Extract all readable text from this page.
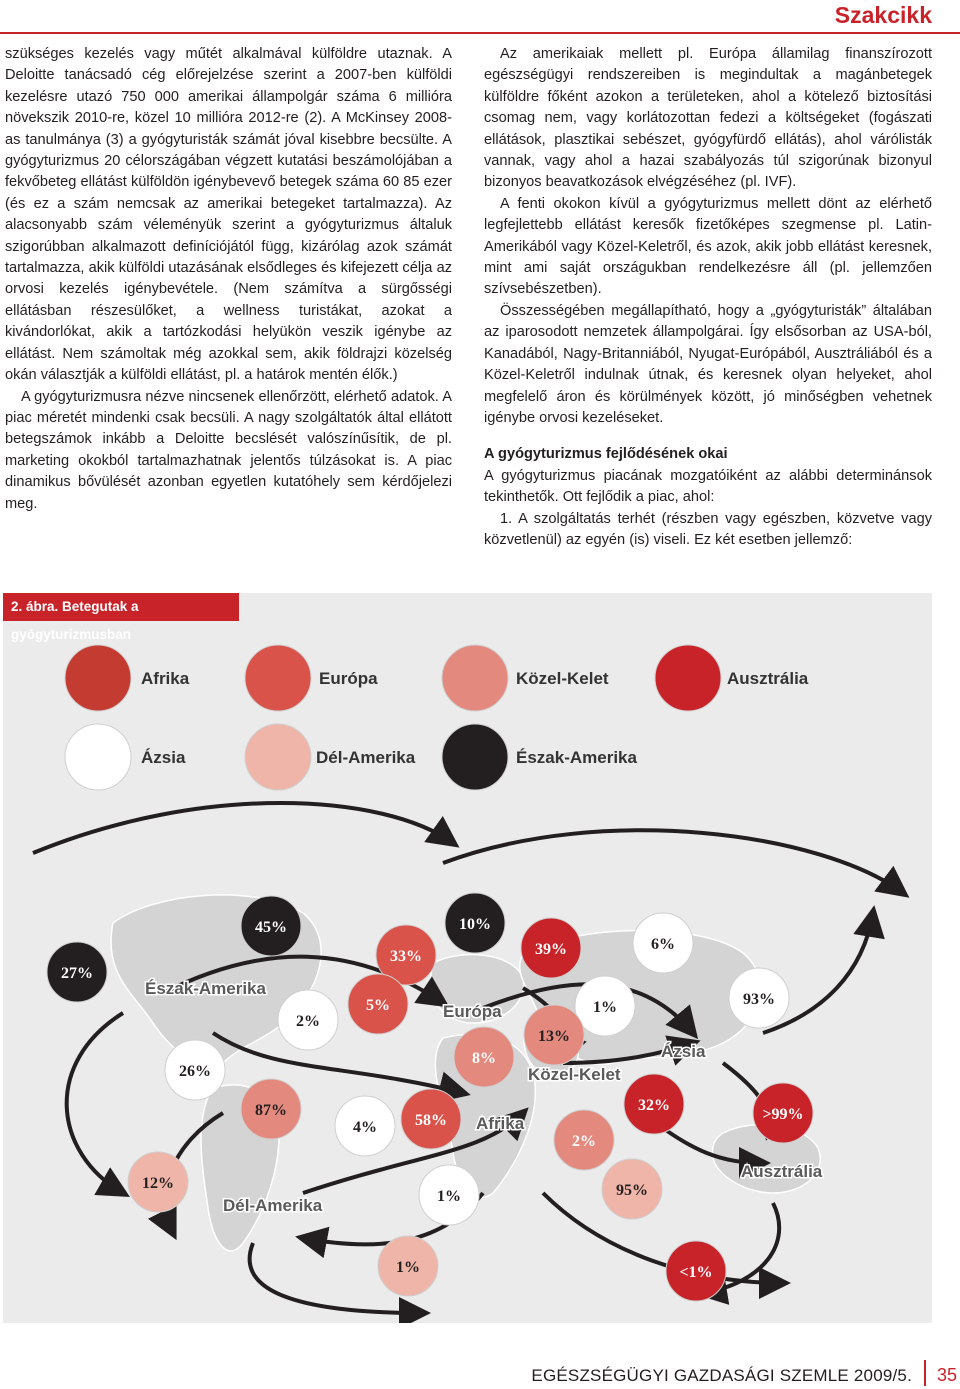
Szakcikk

szükséges kezelés vagy műtét alkalmával külföldre utaznak. A Deloitte tanácsadó cég előrejelzése szerint a 2007-ben külföldi kezelésre utazó 750 000 amerikai állampolgár száma 6 millióra növekszik 2010-re, közel 10 millióra 2012-re (2). A McKinsey 2008-as tanulmánya (3) a gyógyturisták számát jóval kisebbre becsülte. A gyógyturizmus 20 célországában végzett kutatási beszámolójában a fekvőbeteg ellátást külföldön igénybevevő betegek száma 60 85 ezer (és ez a szám nemcsak az amerikai betegeket tartalmazza). Az alacsonyabb szám véleményük szerint a gyógyturizmus általuk szigorúbban alkalmazott definíciójától függ, kizárólag azok számát tartalmazza, akik külföldi utazásának elsődleges és kifejezett célja az orvosi kezelés igénybevétele. (Nem számítva a sürgősségi ellátásban részesülőket, a wellness turistákat, azokat a kivándorlókat, akik a tartózkodási helyükön veszik igénybe az ellátást. Nem számoltak még azokkal sem, akik földrajzi közelség okán választják a külföldi ellátást, pl. a határok mentén élők.)

A gyógyturizmusra nézve nincsenek ellenőrzött, elérhető adatok. A piac méretét mindenki csak becsüli. A nagy szolgáltatók által ellátott betegszámok inkább a Deloitte becslését valószínűsítik, de pl. marketing okokból tartalmazhatnak jelentős túlzásokat is. A piac dinamikus bővülését azonban egyetlen kutatóhely sem kérdőjelezi meg.

Az amerikaiak mellett pl. Európa államilag finanszírozott egészségügyi rendszereiben is megindultak a magánbetegek külföldre főként azokon a területeken, ahol a kötelező biztosítási csomag nem, vagy korlátozottan fedezi a költségeket (fogászati ellátások, plasztikai sebészet, gyógyfürdő ellátás), ahol várólisták vannak, vagy ahol a hazai szabályozás túl szigorúnak bizonyul bizonyos beavatkozások elvégzéséhez (pl. IVF).

A fenti okokon kívül a gyógyturizmus mellett dönt az elérhető legfejlettebb ellátást keresők fizetőképes szegmense pl. Latin-Amerikából vagy Közel-Keletről, és azok, akik jobb ellátást keresnek, mint ami saját országukban rendelkezésre áll (pl. jellemzően szívsebészetben).

Összességében megállapítható, hogy a „gyógyturisták” általában az iparosodott nemzetek állampolgárai. Így elsősorban az USA-ból, Kanadából, Nagy-Britanniából, Nyugat-Európából, Ausztráliából és a Közel-Keletről indulnak útnak, és keresnek olyan helyeket, ahol megfelelő áron és körülmények között, jó minőségben vehetnek igénybe orvosi kezeléseket.

A gyógyturizmus fejlődésének okai

A gyógyturizmus piacának mozgatóiként az alábbi determinánsok tekinthetők. Ott fejlődik a piac, ahol:

1. A szolgáltatás terhét (részben vagy egészben, közvetve vagy közvetlenül) az egyén (is) viseli. Ez két esetben jellemző:

Afrika	Európa	Közel-Kelet	Ausztrália
Ázsia	Dél-Amerika	Észak-Amerika
Észak-Amerika
Európa
Közel-Kelet
Ázsia
Afrika
Dél-Amerika
Ausztrália
27%
45%
33%
10%
39%	6%
2%
5%	1%	93%
13%
8%
26%
87%
4% 58%
32%
>99%
2%
12%
1%	95%
1%	<1%
2. ábra. Betegutak a gyógyturizmusban
EGÉSZSÉGÜGYI GAZDASÁGI SZEMLE 2009/5. 35
